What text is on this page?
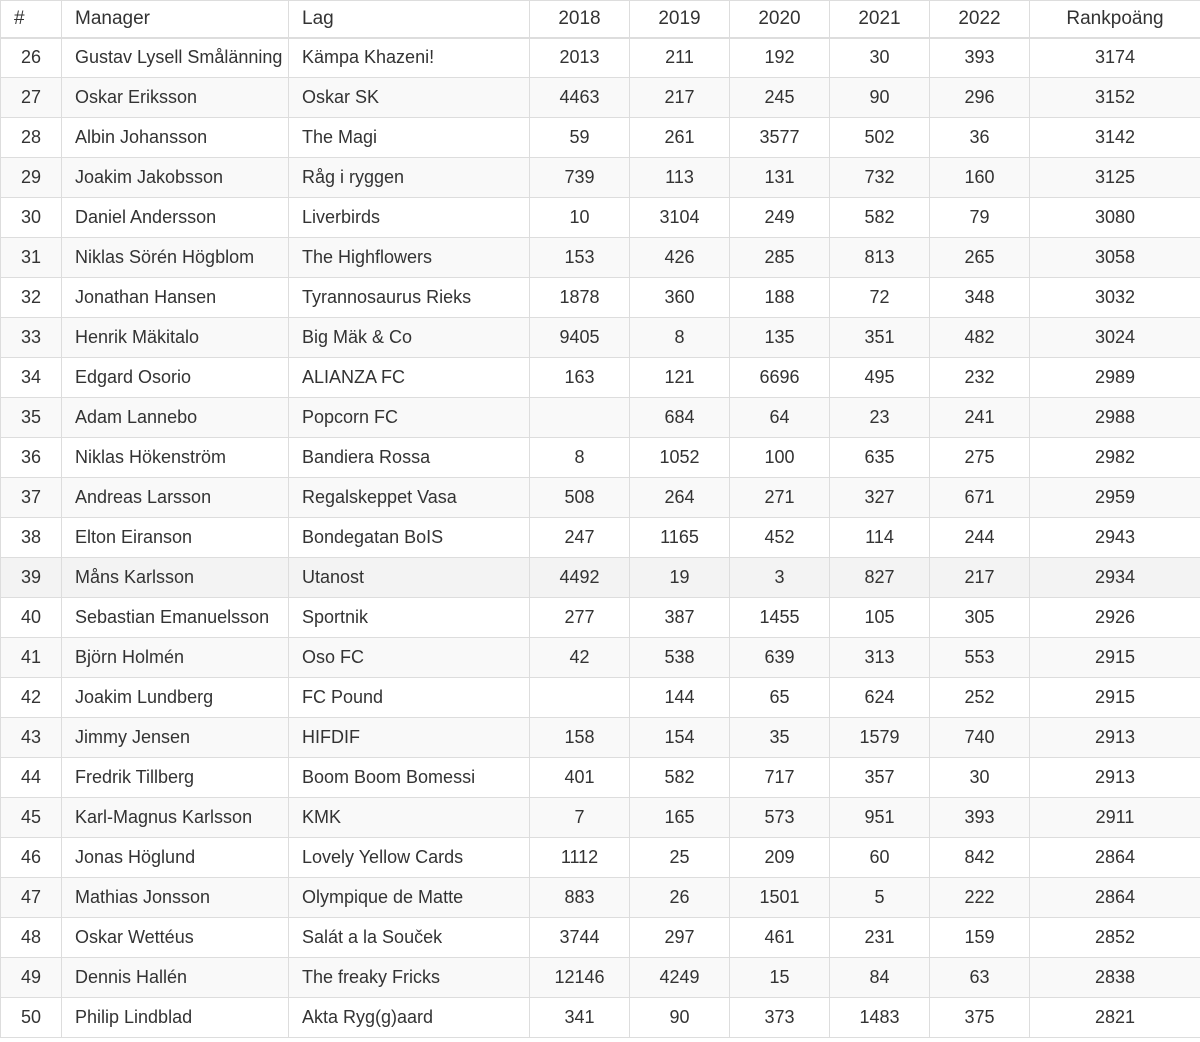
#	Manager	Lag	2018	2019	2020	2021	2022	Rankpoäng
26	Gustav Lysell Smålänning	Kämpa Khazeni!	2013	211	192	30	393	3174
27	Oskar Eriksson	Oskar SK	4463	217	245	90	296	3152
28	Albin Johansson	The Magi	59	261	3577	502	36	3142
29	Joakim Jakobsson	Råg i ryggen	739	113	131	732	160	3125
30	Daniel Andersson	Liverbirds	10	3104	249	582	79	3080
31	Niklas Sörén Högblom	The Highflowers	153	426	285	813	265	3058
32	Jonathan Hansen	Tyrannosaurus Rieks	1878	360	188	72	348	3032
33	Henrik Mäkitalo	Big Mäk & Co	9405	8	135	351	482	3024
34	Edgard Osorio	ALIANZA FC	163	121	6696	495	232	2989
35	Adam Lannebo	Popcorn FC		684	64	23	241	2988
36	Niklas Hökenström	Bandiera Rossa	8	1052	100	635	275	2982
37	Andreas Larsson	Regalskeppet Vasa	508	264	271	327	671	2959
38	Elton Eiranson	Bondegatan BoIS	247	1165	452	114	244	2943
39	Måns Karlsson	Utanost	4492	19	3	827	217	2934
40	Sebastian Emanuelsson	Sportnik	277	387	1455	105	305	2926
41	Björn Holmén	Oso FC	42	538	639	313	553	2915
42	Joakim Lundberg	FC Pound		144	65	624	252	2915
43	Jimmy Jensen	HIFDIF	158	154	35	1579	740	2913
44	Fredrik Tillberg	Boom Boom Bomessi	401	582	717	357	30	2913
45	Karl-Magnus Karlsson	KMK	7	165	573	951	393	2911
46	Jonas Höglund	Lovely Yellow Cards	1112	25	209	60	842	2864
47	Mathias Jonsson	Olympique de Matte	883	26	1501	5	222	2864
48	Oskar Wettéus	Salát a la Souček	3744	297	461	231	159	2852
49	Dennis Hallén	The freaky Fricks	12146	4249	15	84	63	2838
50	Philip Lindblad	Akta Ryg(g)aard	341	90	373	1483	375	2821
